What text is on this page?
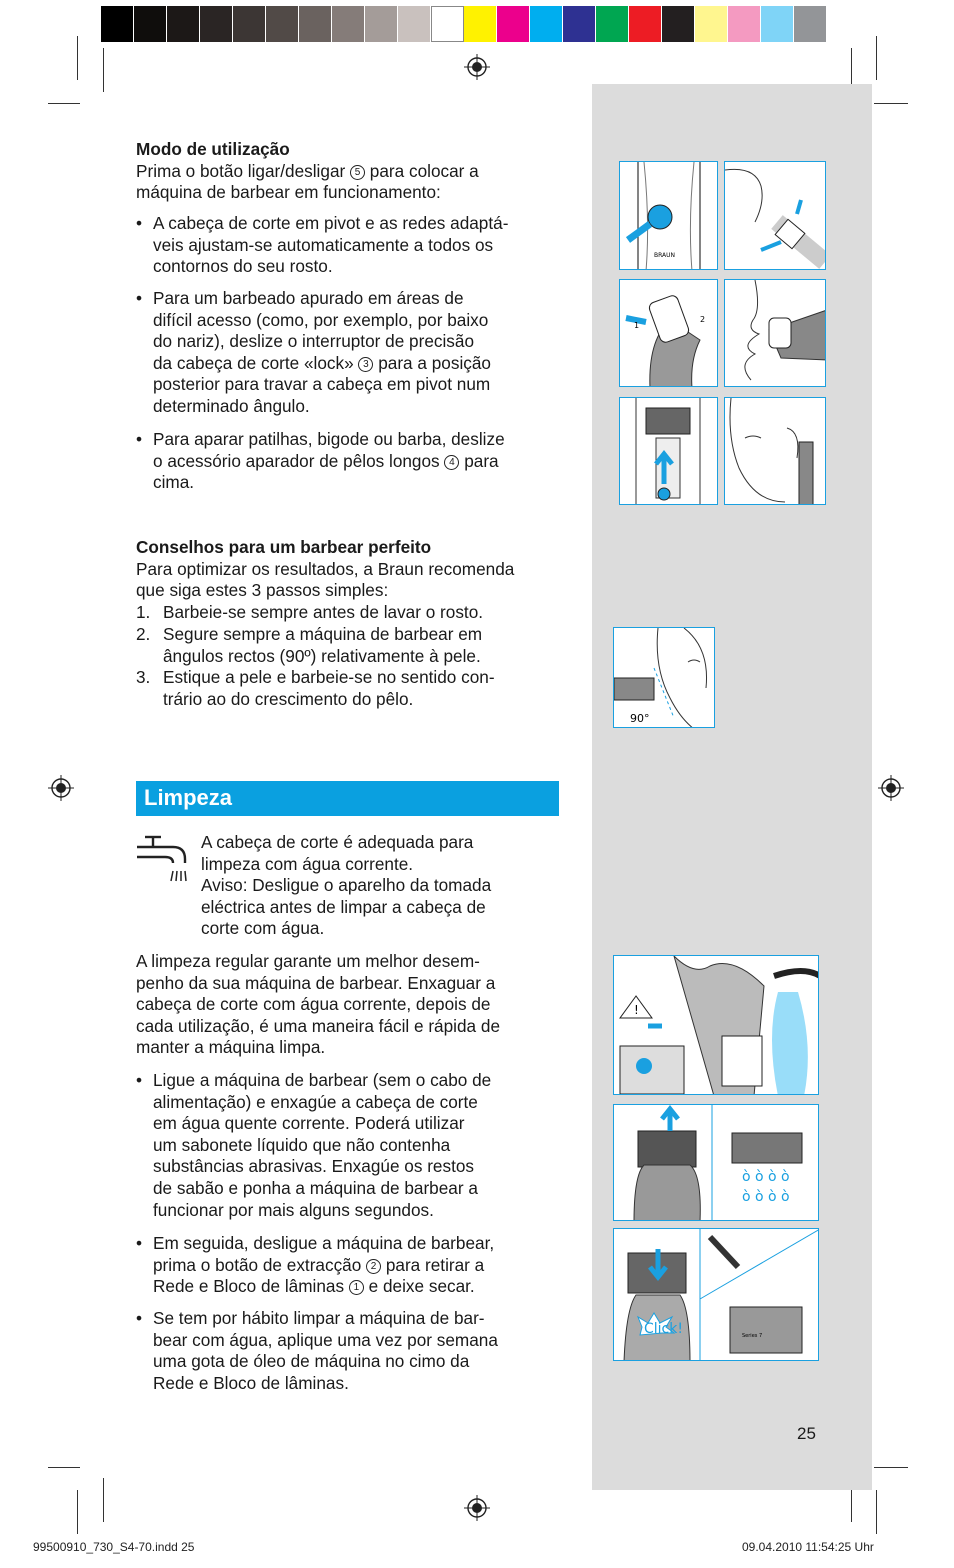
Modo de utilização

Prima o botão ligar/desligar 5 para colocar a

máquina de barbear em funcionamento:

• A cabeça de corte em pivot e as redes adaptá-

veis ajustam-se automaticamente a todos os

contornos do seu rosto.

• Para um barbeado apurado em áreas de

difícil acesso (como, por exemplo, por baixo

do nariz), deslize o interruptor de precisão

da cabeça de corte «lock» 3 para a posição

posterior para travar a cabeça em pivot num

determinado ângulo.

• Para aparar patilhas, bigode ou barba, deslize

o acessório aparador de pêlos longos 4 para

cima.

Conselhos para um barbear perfeito

Para optimizar os resultados, a Braun recomenda

que siga estes 3 passos simples:

1. Barbeie-se sempre antes de lavar o rosto.

2. Segure sempre a máquina de barbear em

ângulos rectos (90º) relativamente à pele.

3. Estique a pele e barbeie-se no sentido con-

trário ao do crescimento do pêlo.

Limpeza

A cabeça de corte é adequada para

limpeza com água corrente.

Aviso: Desligue o aparelho da tomada

eléctrica antes de limpar a cabeça de

corte com água.

A limpeza regular garante um melhor desem-

penho da sua máquina de barbear. Enxaguar a

cabeça de corte com água corrente, depois de

cada utilização, é uma maneira fácil e rápida de

manter a máquina limpa.

• Ligue a máquina de barbear (sem o cabo de

alimentação) e enxagúe a cabeça de corte

em água quente corrente. Poderá utilizar

um sabonete líquido que não contenha

substâncias abrasivas. Enxagúe os restos

de sabão e ponha a máquina de barbear a

funcionar por mais alguns segundos.

• Em seguida, desligue a máquina de barbear,

prima o botão de extracção 2 para retirar a

Rede e Bloco de lâminas 1 e deixe secar.

• Se tem por hábito limpar a máquina de bar-

bear com água, aplique uma vez por semana

uma gota de óleo de máquina no cimo da

Rede e Bloco de lâminas.

BRAUN
1
2
90°
!
ò ò ò ò
ò ò ò ò
Series 7
Click!
25
99500910_730_S4-70.indd 25	09.04.2010 11:54:25 Uhr
